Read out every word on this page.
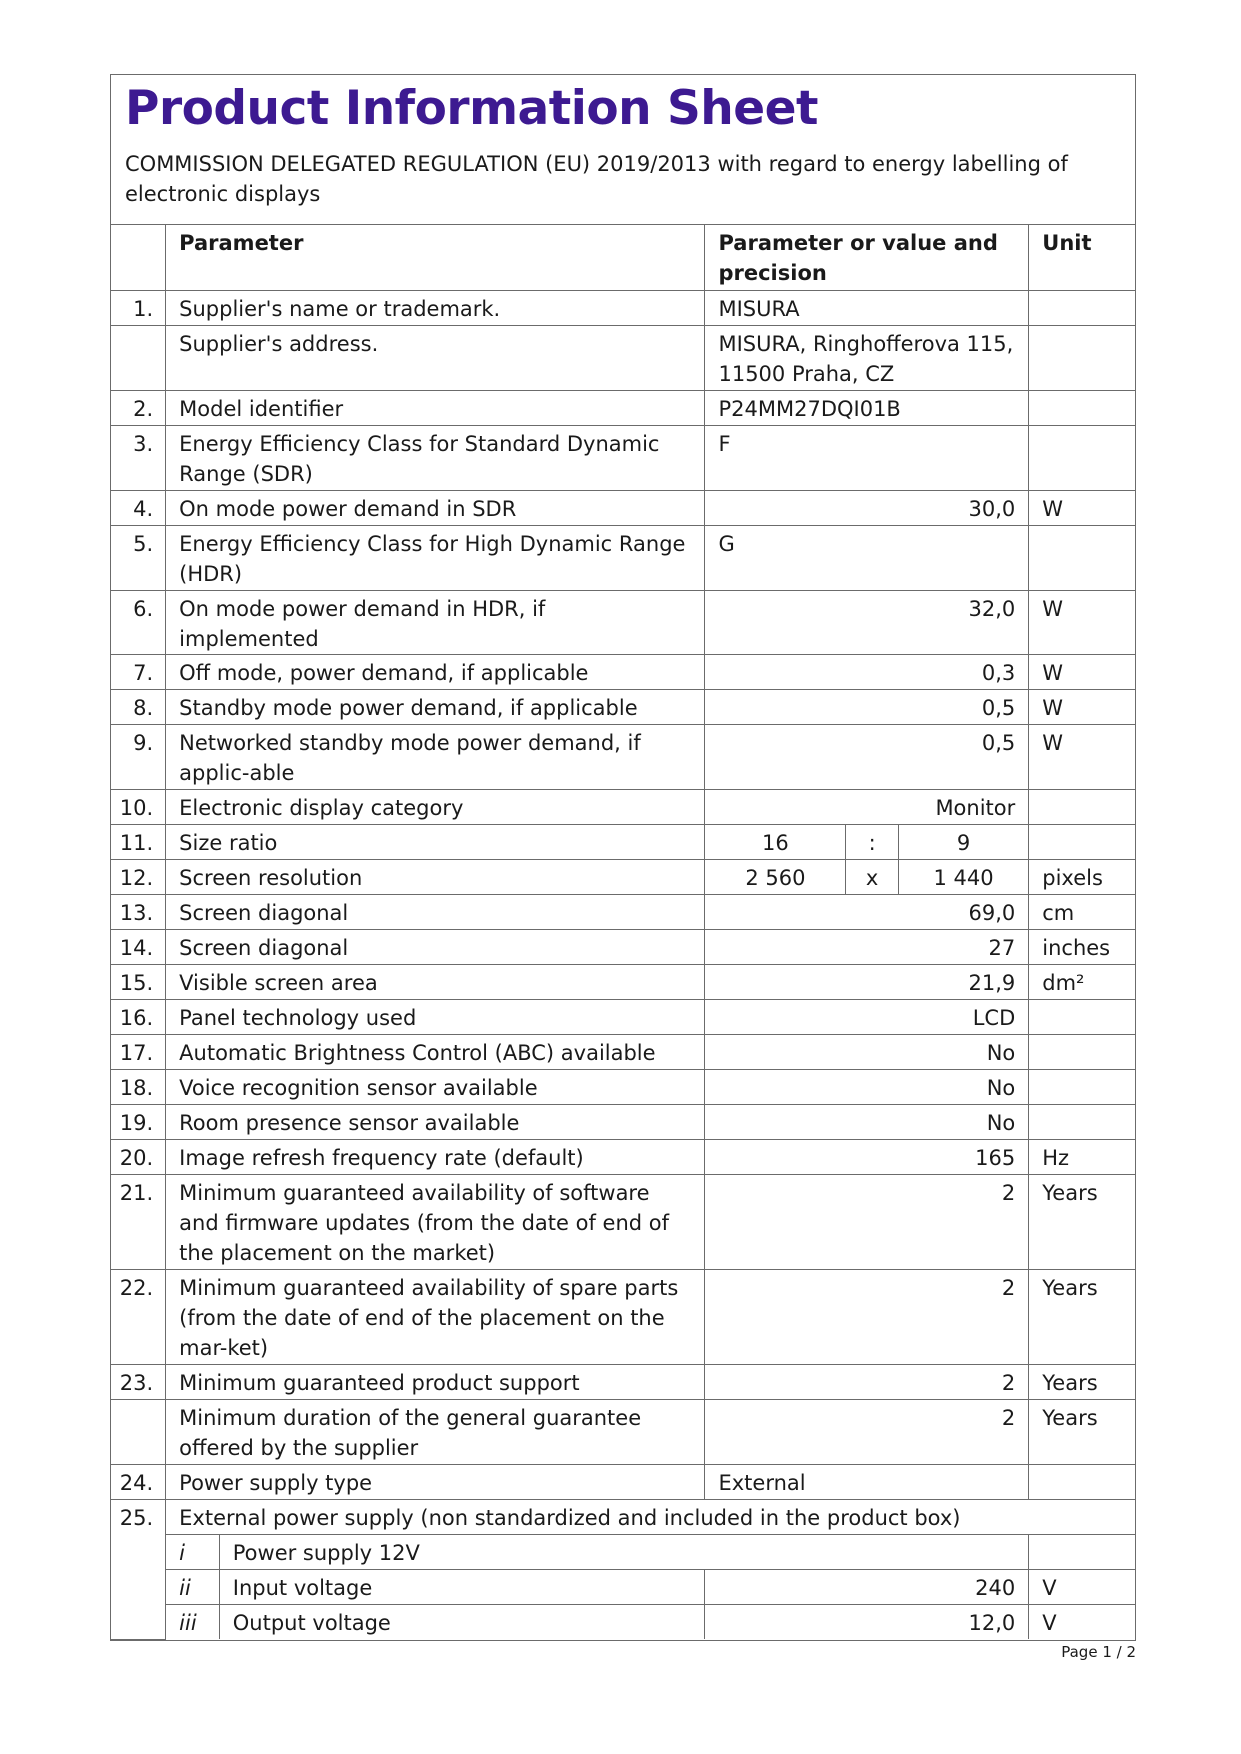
Product Information Sheet
COMMISSION DELEGATED REGULATION (EU) 2019/2013 with regard to energy labelling of electronic displays
	Parameter		Parameter or value and precision			Unit
1.	Supplier's name or trademark.		MISURA			
	Supplier's address.		MISURA, Ringhofferova 115, 11500 Praha, CZ			
2.	Model identifier		P24MM27DQI01B			
3.	Energy Efficiency Class for Standard Dynamic Range (SDR)		F			
4.	On mode power demand in SDR		30,0			W
5.	Energy Efficiency Class for High Dynamic Range (HDR)		G			
6.	On mode power demand in HDR, if implemented		32,0			W
7.	Off mode, power demand, if applicable		0,3			W
8.	Standby mode power demand, if applicable		0,5			W
9.	Networked standby mode power demand, if applic-able		0,5			W
10.	Electronic display category		Monitor			
11.	Size ratio		16	:	9	
12.	Screen resolution		2 560	x	1 440	pixels
13.	Screen diagonal		69,0			cm
14.	Screen diagonal		27			inches
15.	Visible screen area		21,9			dm²
16.	Panel technology used		LCD			
17.	Automatic Brightness Control (ABC) available		No			
18.	Voice recognition sensor available		No			
19.	Room presence sensor available		No			
20.	Image refresh frequency rate (default)		165			Hz
21.	Minimum guaranteed availability of software and firmware updates (from the date of end of the placement on the market)		2			Years
22.	Minimum guaranteed availability of spare parts (from the date of end of the placement on the mar-ket)		2			Years
23.	Minimum guaranteed product support		2			Years
	Minimum duration of the general guarantee offered by the supplier		2			Years
24.	Power supply type		External			
25.	External power supply (non standardized and included in the product box)					
	i	Power supply 12V				
	ii	Input voltage	240			V
	iii	Output voltage	12,0			V
Page 1 / 2
